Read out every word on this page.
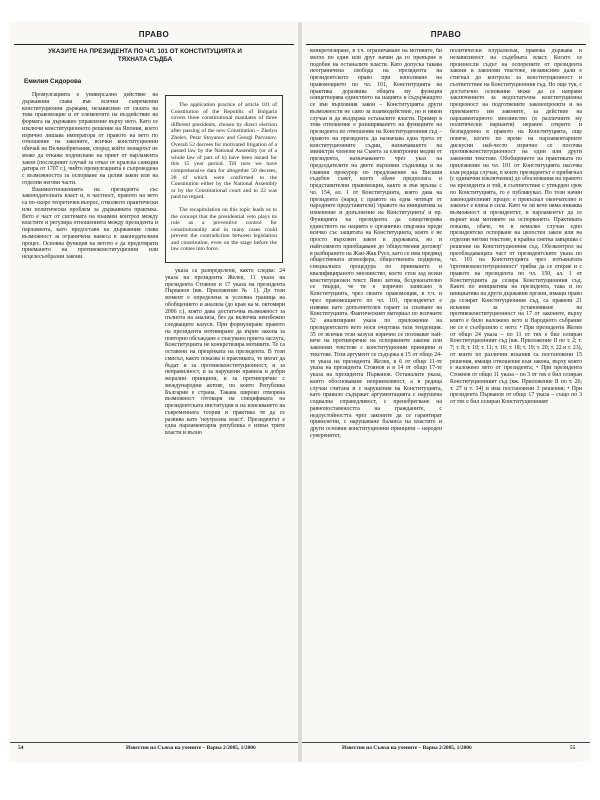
ПРАВО
УКАЗИТЕ НА ПРЕЗИДЕНТА ПО ЧЛ. 101 ОТ КОНСТИТУЦИЯТА И ТЯХНАТА СЪДБА
Емилия Сидорова

Промулгацията е универсално действие на държавния глава във всички съвременни конституционни държави, независимо от силата на това правомощие и от елементите на въздействие на формата на държавно управление върху него. Като се изключи конституционното решение на Япония, което изрично лишава императора от правото на вето по отношение на законите, всички конституционни обичай на Великобритания, според който монархът не може да откаже подписване на приет от парламента закон (последният случай за отказ от кралска санкция датира от 1707 г.), чийто промулгацията е съпроводена с възможността за оспорване на целия закон или на отделни негови части.

Взаимоотношенията на президента със законодателната власт и, в частност, правото на вето са по-скоро теоретичен въпрос, отколкото практически или политически проблем за държавната практика. Вето е част от системата на взаимен контрол между властите и регулира отношенията между президента и парламента, като предоставя на държавния глава възможност за ограничена намеса в законодателния процес. Основна функция на ветото е да предотврати приемането на противоконституционни или нецелесъобразни закони.

The application practice of article 101 of Constitution of the Republic of Bulgaria covers three constitutional mandates of three different presidents, chosen by direct election after passing of the new Constitution – Zhelyu Zhelev, Petar Stoyanov and Georgi Parvanov. Overall 52 decrees for motivated litigation of a passed law by the National Assembly (or of a whole law of part of it) have been issued for this 15 year period. Till now we have comprehensive data for altogether 50 decrees, 28 of which were confirmed to the Constitution either by the National Assembly or by the Constitutional court and to 22 was paid no regard.

The recapitulation on this topic leads us to the concept that the presidential veto plays its role as a preventive control for constitutionality and in many cases could prevent the contradiction between legislation and constitution, even on the stage before the law comes into force.

указа са разпределени, както следва: 24 указа на президента Желев, 11 указа на президента Стоянов и 17 указа на президента Първанов (вж. Приложение № 1). До този момент е определена и условна граница на обобщението и анализа (до края на м. октомври 2006 г.), която дава достатъчна възможност за пълнота на анализа, без да включва неизбежно следващите казуси. При формулиране правото на президента мотивирано да върне закона за повторно обсъждане е гласувано приета заслуга, Конституцията не конкретизира мотивите. Те са оставени на преценката на президента. В този смисъл, както показва и практиката, те могат да бъдат и за противоконституционност, и за неправилност, и за нарушени правила и добри морални принципи, и за противоречие с международни актове, по които Република България е страна. Такава широко отворена възможност отговаря на спецификата на президентската институция и на изискването на съвременната теория и практика тя да се развива като 'неутрална власт'. Президентът е една парламентарна република е извън трите власти и вълно

54	Известия на Съюза на учените – Варна 2/2005, 1/2006
ПРАВО

конкретизиране, в т.ч. ограничаване на мотивите, би могло по един или друг начин да го превърне в подобие на останалите власти. Като допуска такава неограничена свобода на президента на президентското право при използване на правомощието по чл. 101, Конституцията на практика доразвива общата му функция олицетворява единството на нацията и съдържащото се във върховния закон – Конституцията други възможности не само за взаимодействие, но и някои случаи и да въздържа останалите власти. Пример в това отношение е разширяването на функциите на президента по отношение на Конституционния съд – правото на президента да назначава една трета от конституционните съдии, назначаването на министри членове на Съвета за електронни медии от президента, назначаването чрез указ на председателите на двете върховни съдилища и на главния прокурор по предложение на Висшия съдебен съвет, което обаче предполага и представителни правомощия, както и във връзка с чл. 154, ал. 1 от Конституцията, която дава на президента (наред с правото на една четвърт от народните представители) 'правото на инициатива за изменение и допълнение на Конституцията' и пр. Функцията на президента да олицетворява единството на нацията е органично свързана преди всичко със защитата на Конституцията, която е не просто върховен закон в държавата, но и найголямото приобщаване до 'обществения договор' в разбирането на Жан-Жак Русо, като се има предвид обществената атмосфера, обществената подкрепа, специалната процедура по приемането и квалифицираното мнозинство, което стои зад всеки конституционен текст. Явно затова, бездоказателно се твърди, че тя е изрично записано в Конституцията, чрез своите правомощия, в т.ч. и чрез правомощието по чл. 101, президентът е изявява като допълнителен гарант за спазване на Конституцията. Фактическият материал по всичките 52 анализирани указа по приложение на президентското вето носи очертана тази тенденция. 35 от всички тези казуси изрично се позовават най-вече на противоречие на оспорваните закони или законови текстове с конституционни принципи и текстове. Този аргумент се съдържа в 15 от общо 24-те указа на президента Желев, в 6 от общо 11-те указа на президента Стоянов и в 14 от общо 17-те указа на президента Първанов. Останалите указа, които обосноваване неприемливост, а в редица случаи считана и с нарушения на Конституцията, като правило съдържат аргументацията с нарушена социална справедливост, с пренебрегване на равнопоставеността на гражданите, с недоустойността чрез законите да се гарантират привилегии, с нарушаване баланса на властите и други основни конституционни принципи – народен суверенитет,

политически плурализъм, правова държава и независимост на съдебната власт. Когато се произнесли съдът на оспорените от президента закони и законови текстове, независимо дали е стигнал до контрола за конституционност и съответствие на Конституционния съд. Но още тук, с достатъчно основание може да се направи заключението за недостатъчна конституционна прецизност на подготвените законопроекти и на приемането им законите, за действие на парламентарното мнозинство (в различните му политически варианти) неравно открито и безпардонно в правото на Конституцията, още повече, когато по време на парламентарните дискусии най-често изрично се посочва противоконституционност на един или други законови текстове. Обобщението на практиката по приложение на чл. 101 от Конституцията насочва към редица случаи, в които президентът е прибягнал (с единични изключения) до обоснования на правото на президента и той, в съответствие с утвърден срок по Конституцията, го е публикувал. По този начин законодателният процес е прекъсвал окончателно и законът е влиза в сила. Като че ли вече няма никаква възможност и президентът, и парламентът да се върнат към мотивите на оспорването. Практиката показва, обаче, че в немалко случаи едно президентско оспорване на цялостен закон или на отделни негови текстове, в крайна сметка завършва с решение на Конституционния съд. Обезконтрол на преобладаващата част от президентските указа по чл. 101 на Конституцията чрез изтъкнатата 'противоконституционност' трябва да се открие и с правото на президента по чл. 150, ал. 1 от Конституцията да сезира Конституционния съд. Както по инициатива на президента, така и по инициатива на други държавни органи, имащи право да сезират Конституционния съд, са правени 21 искания за установяване на противоконституционност на 17 от законите, върху които е било наложено вето и Народното събрание не се е съобразило с него: • При президента Желев от общо 24 указа – по 11 от тях е бил сезиран Конституционният съд (вж. Приложение II по т. 2; т. 7; т. 8; т. 10; т. 11; т. 16; т. 18; т. 19; т. 20; т. 22 и т. 23), от които по различни искания са постановени 15 решения, имащи отношение към закона, върху които е наложено вето от президента; • При президента Стоянов от общо 11 указа – по 3 от тях е бил сезиран Конституционният съд (вж. Приложение II по т. 26; т. 27 и т. 34) и има постановени 3 решения; • При президента Първанов от общо 17 указа – също по 3 от тях е бил сезиран Конституционният

Известия на Съюза на учените – Варна 2/2005, 1/2006	55
